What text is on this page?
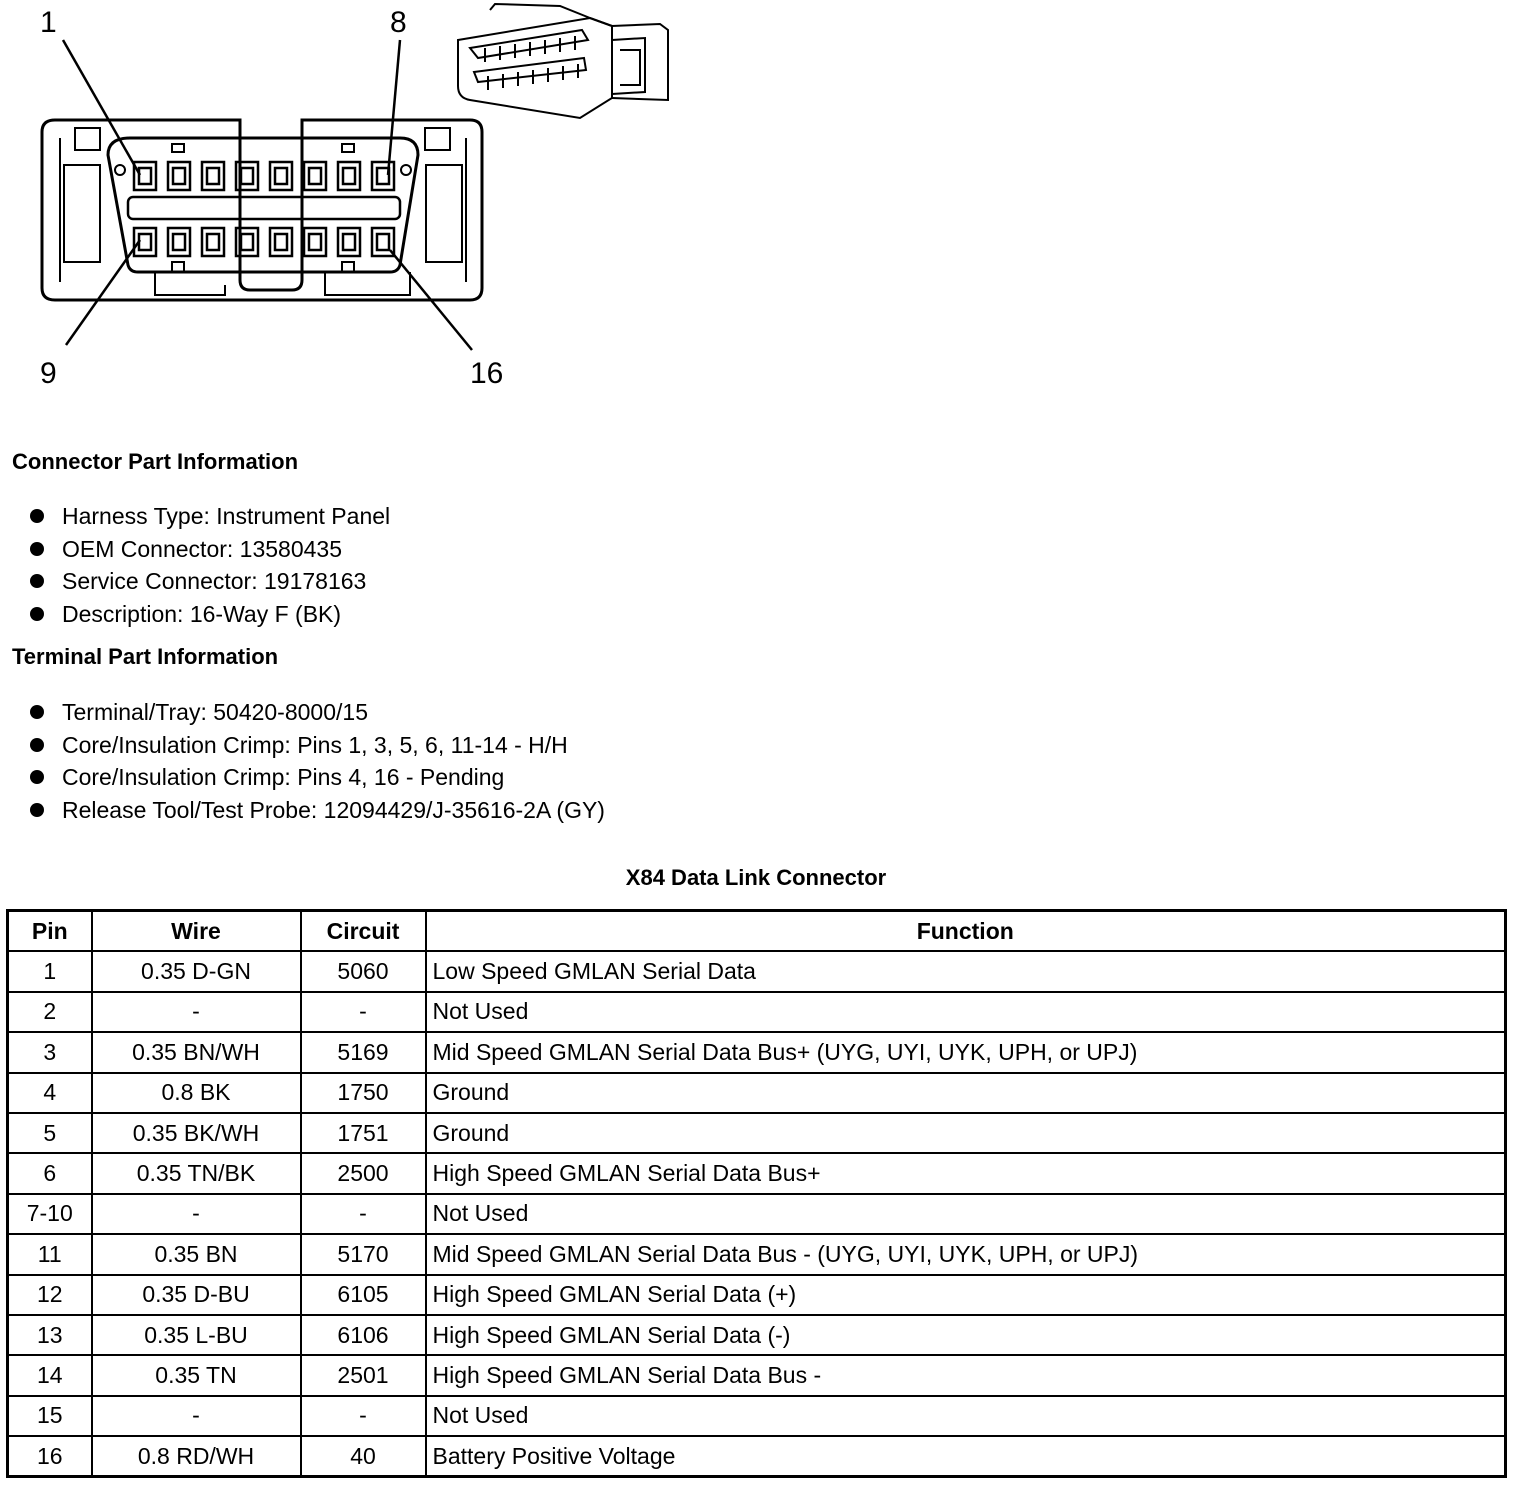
1	8
9	16
Connector Part Information
Harness Type: Instrument Panel
OEM Connector: 13580435
Service Connector: 19178163
Description: 16-Way F (BK)
Terminal Part Information
Terminal/Tray: 50420-8000/15
Core/Insulation Crimp: Pins 1, 3, 5, 6, 11-14 - H/H
Core/Insulation Crimp: Pins 4, 16 - Pending
Release Tool/Test Probe: 12094429/J-35616-2A (GY)
X84 Data Link Connector
Pin	Wire	Circuit	Function
1	0.35 D-GN	5060	Low Speed GMLAN Serial Data
2	-	-	Not Used
3	0.35 BN/WH	5169	Mid Speed GMLAN Serial Data Bus+ (UYG, UYI, UYK, UPH, or UPJ)
4	0.8 BK	1750	Ground
5	0.35 BK/WH	1751	Ground
6	0.35 TN/BK	2500	High Speed GMLAN Serial Data Bus+
7-10	-	-	Not Used
11	0.35 BN	5170	Mid Speed GMLAN Serial Data Bus - (UYG, UYI, UYK, UPH, or UPJ)
12	0.35 D-BU	6105	High Speed GMLAN Serial Data (+)
13	0.35 L-BU	6106	High Speed GMLAN Serial Data (-)
14	0.35 TN	2501	High Speed GMLAN Serial Data Bus -
15	-	-	Not Used
16	0.8 RD/WH	40	Battery Positive Voltage
